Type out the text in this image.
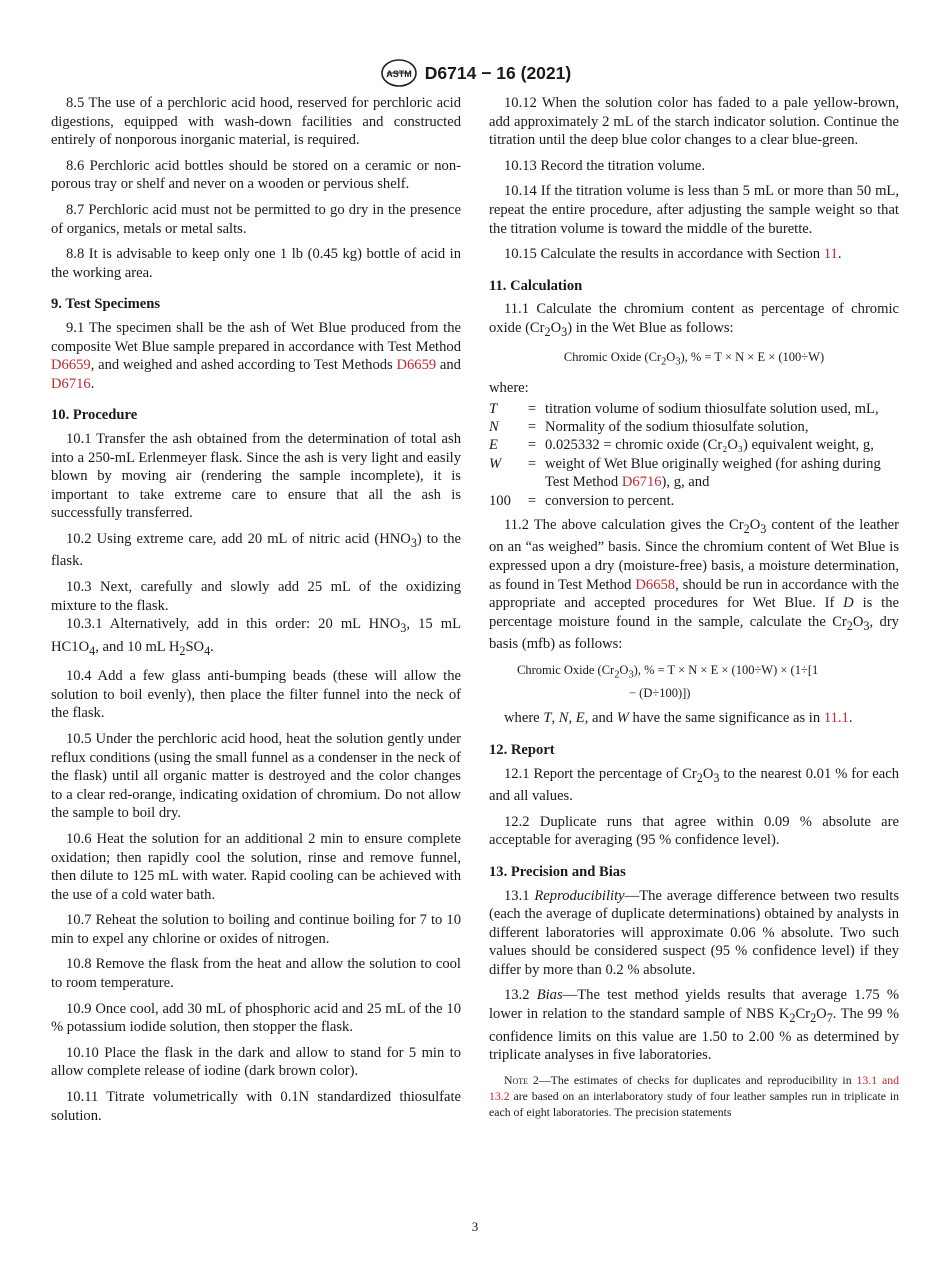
ASTM D6714 − 16 (2021)

8.5 The use of a perchloric acid hood, reserved for perchloric acid digestions, equipped with wash-down facilities and constructed entirely of nonporous inorganic material, is required.

8.6 Perchloric acid bottles should be stored on a ceramic or non-porous tray or shelf and never on a wooden or pervious shelf.

8.7 Perchloric acid must not be permitted to go dry in the presence of organics, metals or metal salts.

8.8 It is advisable to keep only one 1 lb (0.45 kg) bottle of acid in the working area.

9. Test Specimens

9.1 The specimen shall be the ash of Wet Blue produced from the composite Wet Blue sample prepared in accordance with Test Method D6659, and weighed and ashed according to Test Methods D6659 and D6716.

10. Procedure

10.1 Transfer the ash obtained from the determination of total ash into a 250-mL Erlenmeyer flask. Since the ash is very light and easily blown by moving air (rendering the sample incomplete), it is important to take extreme care to ensure that all the ash is successfully transferred.

10.2 Using extreme care, add 20 mL of nitric acid $(HNO_3)$ to the flask.

10.3 Next, carefully and slowly add 25 mL of the oxidizing mixture to the flask.

10.3.1 Alternatively, add in this order: 20 mL $HNO_3$, 15 mL $HC1O_4$, and 10 mL $H_2SO_4$.

10.4 Add a few glass anti-bumping beads (these will allow the solution to boil evenly), then place the filter funnel into the neck of the flask.

10.5 Under the perchloric acid hood, heat the solution gently under reflux conditions (using the small funnel as a condenser in the neck of the flask) until all organic matter is destroyed and the color changes to a clear red-orange, indicating oxidation of chromium. Do not allow the sample to boil dry.

10.6 Heat the solution for an additional 2 min to ensure complete oxidation; then rapidly cool the solution, rinse and remove funnel, then dilute to 125 mL with water. Rapid cooling can be achieved with the use of a cold water bath.

10.7 Reheat the solution to boiling and continue boiling for 7 to 10 min to expel any chlorine or oxides of nitrogen.

10.8 Remove the flask from the heat and allow the solution to cool to room temperature.

10.9 Once cool, add 30 mL of phosphoric acid and 25 mL of the 10 % potassium iodide solution, then stopper the flask.

10.10 Place the flask in the dark and allow to stand for 5 min to allow complete release of iodine (dark brown color).

10.11 Titrate volumetrically with 0.1N standardized thiosulfate solution.

10.12 When the solution color has faded to a pale yellow-brown, add approximately 2 mL of the starch indicator solution. Continue the titration until the deep blue color changes to a clear blue-green.

10.13 Record the titration volume.

10.14 If the titration volume is less than 5 mL or more than 50 mL, repeat the entire procedure, after adjusting the sample weight so that the titration volume is toward the middle of the burette.

10.15 Calculate the results in accordance with Section 11.

11. Calculation

11.1 Calculate the chromium content as percentage of chromic oxide $(Cr_2O_3)$ in the Wet Blue as follows:

Chromic Oxide $(Cr_2O_3)$, % = T × N × E × (100÷W)

where:

T	=	titration volume of sodium thiosulfate solution used, mL,
N	=	Normality of the sodium thiosulfate solution,
E	=	0.025332 = chromic oxide (Cr₂O₃) equivalent weight, g,
W	=	weight of Wet Blue originally weighed (for ashing during Test Method D6716), g, and
100	=	conversion to percent.

11.2 The above calculation gives the $Cr_2O_3$ content of the leather on an “as weighed” basis. Since the chromium content of Wet Blue is expressed upon a dry (moisture-free) basis, a moisture determination, as found in Test Method D6658, should be run in accordance with the appropriate and accepted procedures for Wet Blue. If D is the percentage moisture found in the sample, calculate the $Cr_2O_3$, dry basis (mfb) as follows:

Chromic Oxide $(Cr_2O_3)$, % = T × N × E × (100÷W) × (1÷[1
− (D÷100)])

where T, N, E, and W have the same significance as in 11.1.

12. Report

12.1 Report the percentage of $Cr_2O_3$ to the nearest 0.01 % for each and all values.

12.2 Duplicate runs that agree within 0.09 % absolute are acceptable for averaging (95 % confidence level).

13. Precision and Bias

13.1 Reproducibility—The average difference between two results (each the average of duplicate determinations) obtained by analysts in different laboratories will approximate 0.06 % absolute. Two such values should be considered suspect (95 % confidence level) if they differ by more than 0.2 % absolute.

13.2 Bias—The test method yields results that average 1.75 % lower in relation to the standard sample of NBS $K_2Cr_2O_7$. The 99 % confidence limits on this value are 1.50 to 2.00 % as determined by triplicate analyses in five laboratories.

Note 2—The estimates of checks for duplicates and reproducibility in 13.1 and 13.2 are based on an interlaboratory study of four leather samples run in triplicate in each of eight laboratories. The precision statements

3
